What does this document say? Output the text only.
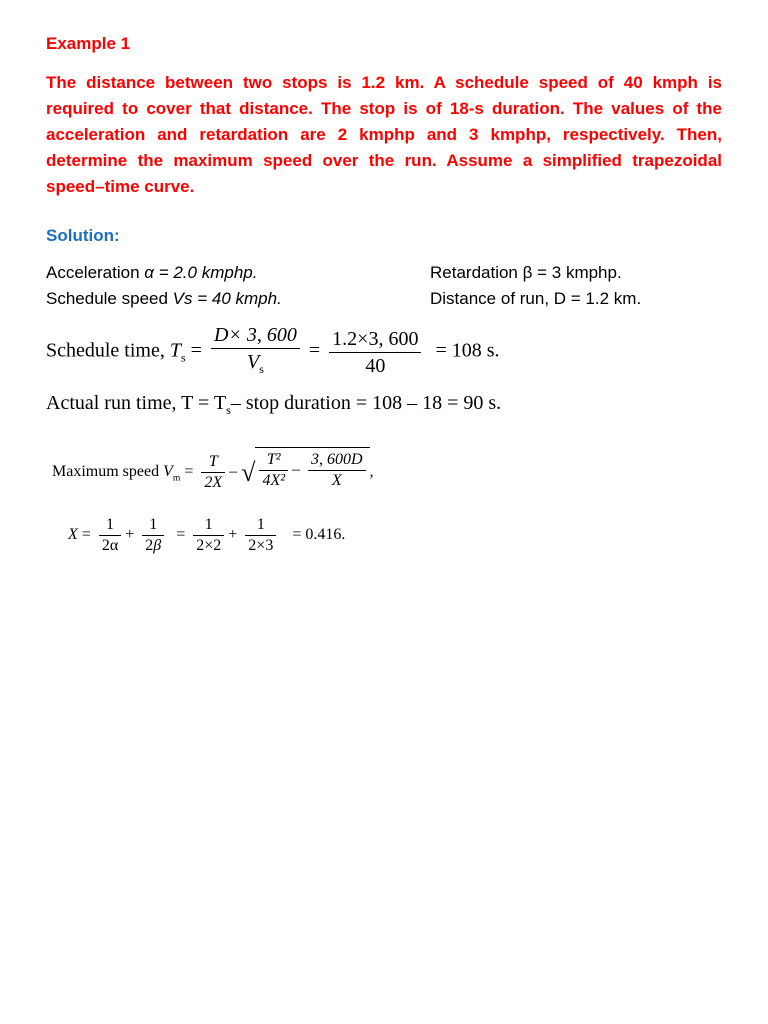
Example 1
The distance between two stops is 1.2 km. A schedule speed of 40 kmph is required to cover that distance. The stop is of 18-s duration. The values of the acceleration and retardation are 2 kmphp and 3 kmphp, respectively. Then, determine the maximum speed over the run. Assume a simplified trapezoidal speed–time curve.
Solution:
Acceleration α = 2.0 kmphp.	Retardation β = 3 kmphp.
Schedule speed Vs = 40 kmph.	Distance of run, D = 1.2 km.
Schedule time, $T_s = \frac{D\times 3, 600}{V_s} = \frac{1.2\times 3, 600}{40} = 108$ s.
Actual run time, $T = T_s-$ stop duration = 108 – 18 = 90 s.
Maximum speed $V_m = \frac{T}{2X}$ – √ $\frac{\text{T²}}{\text{4X²}} - \frac{3, 600D}{X}$ ,
$X = \frac{1}{2\alpha} + \frac{1}{2\beta} = \frac{1}{2\times 2} + \frac{1}{2\times 3} = 0.416$.
